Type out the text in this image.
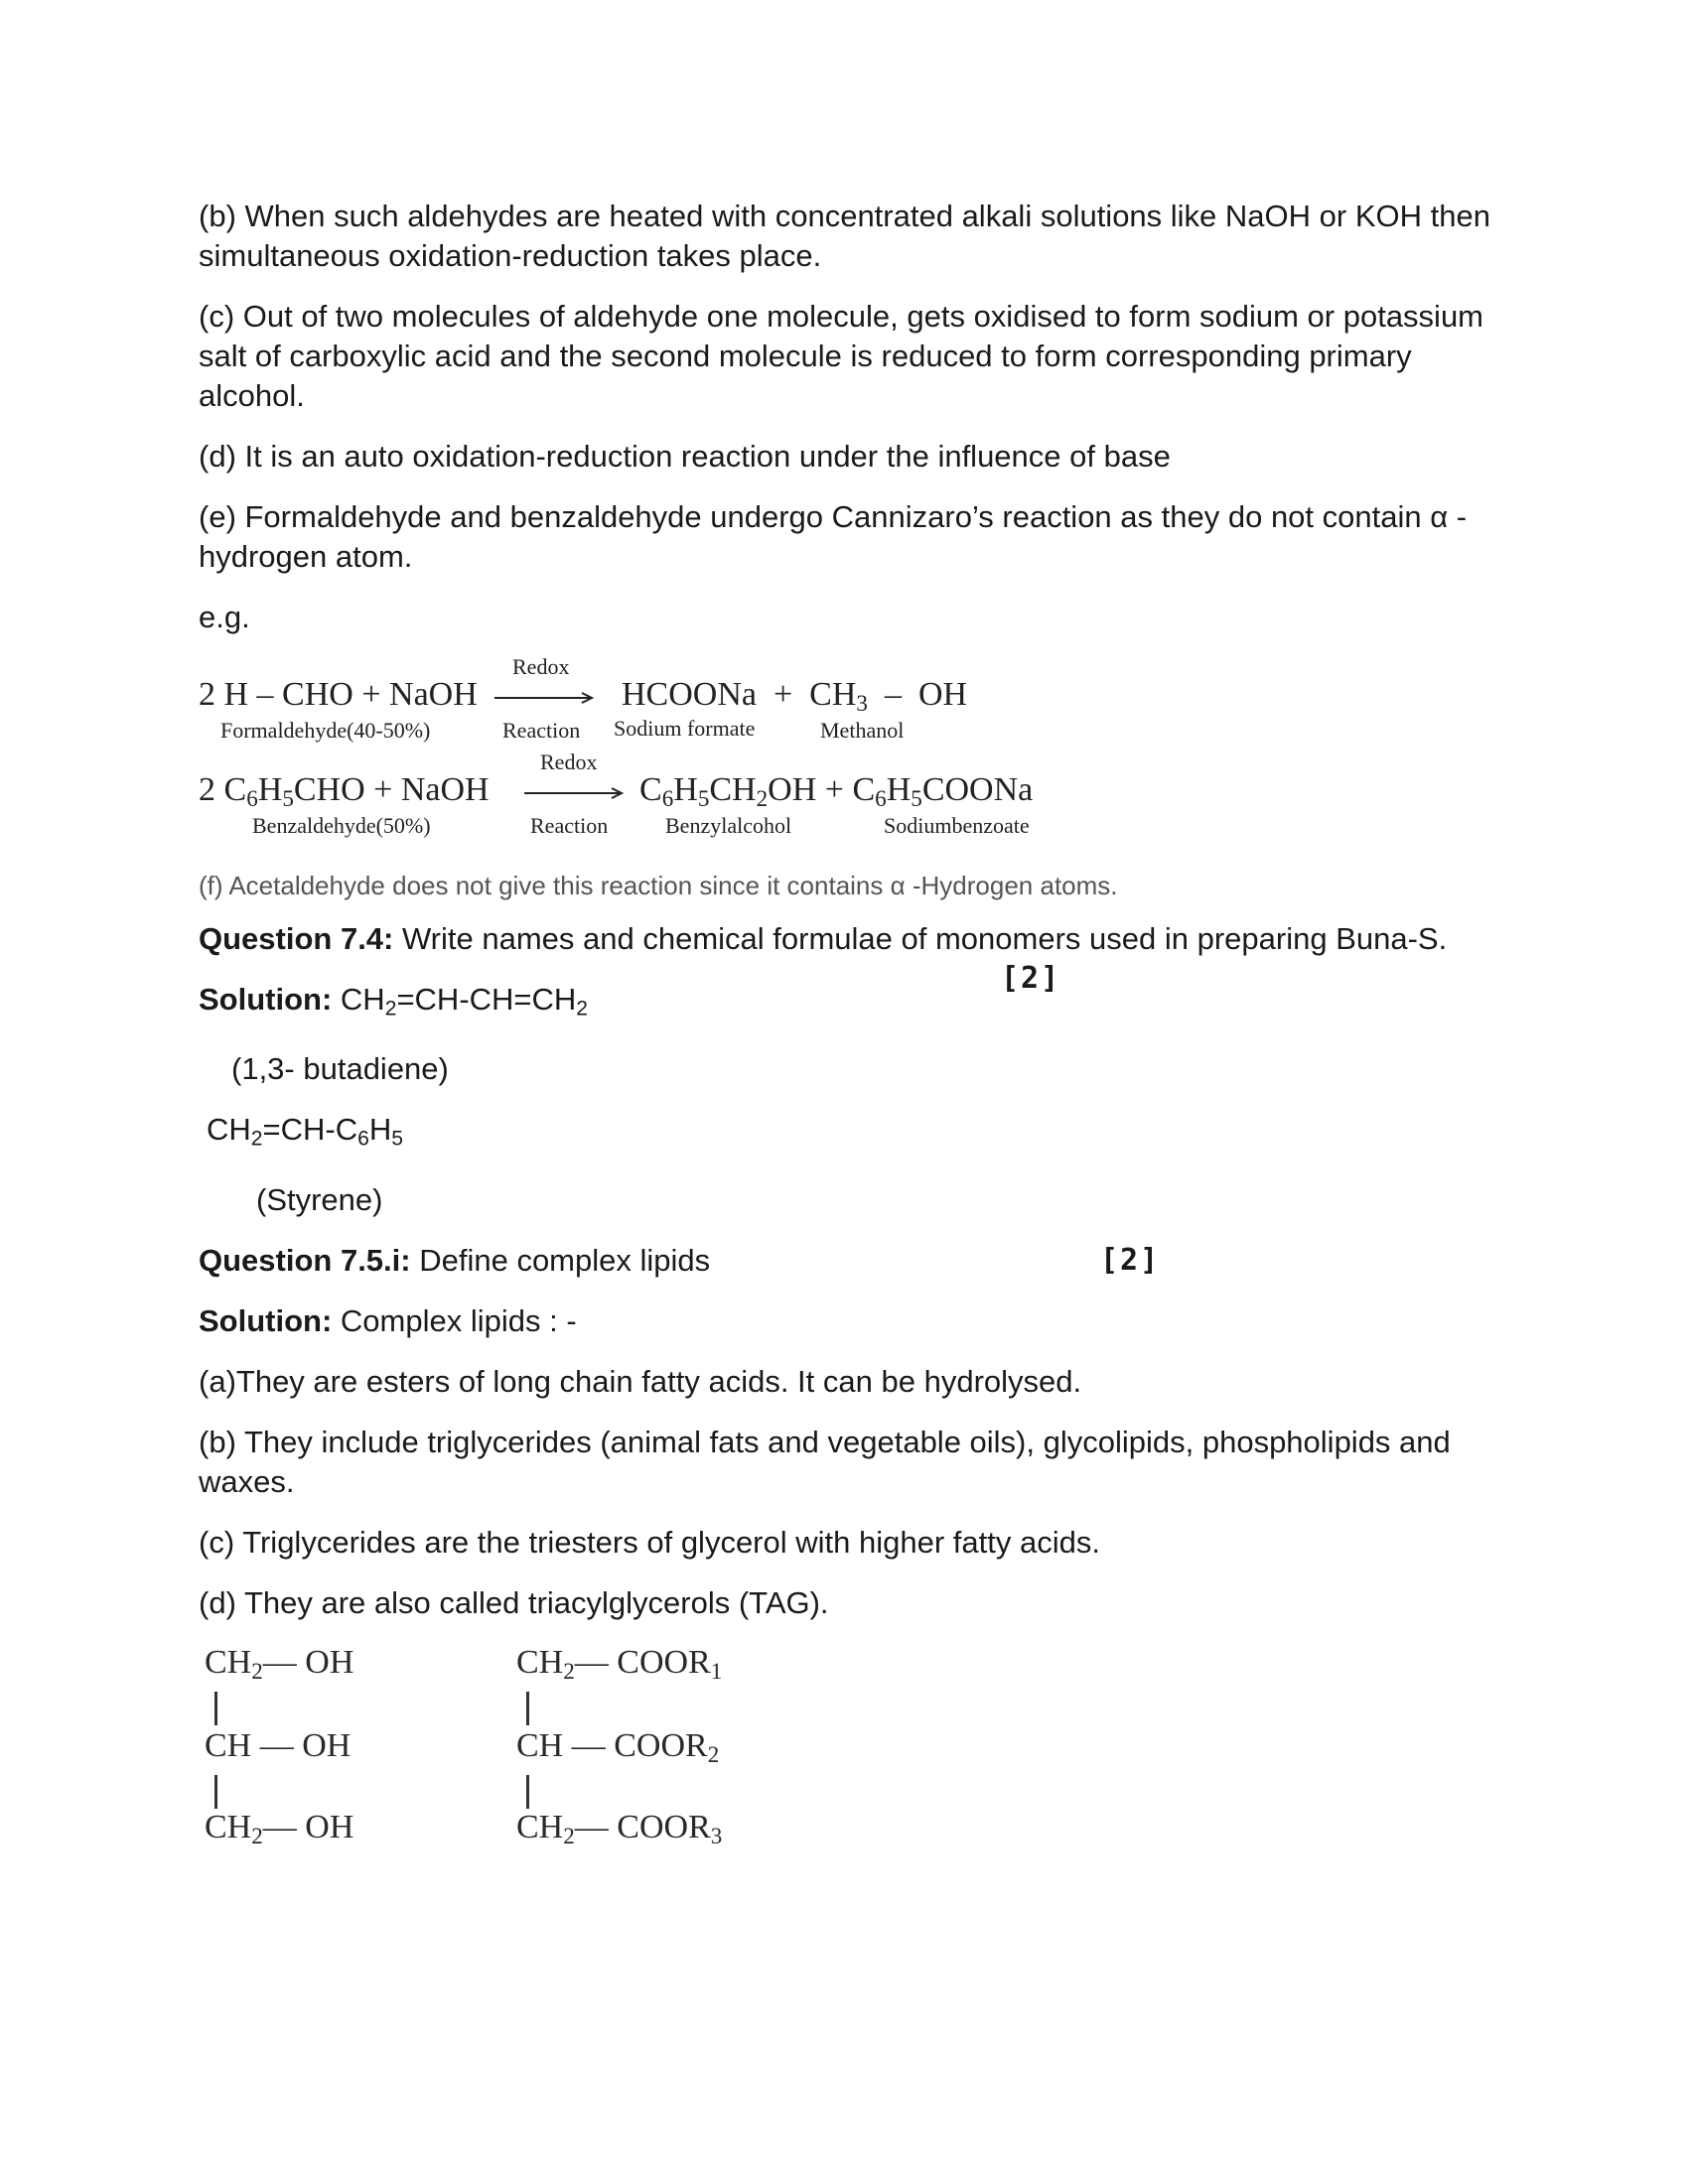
(b) When such aldehydes are heated with concentrated alkali solutions like NaOH or KOH then simultaneous oxidation-reduction takes place.

(c) Out of two molecules of aldehyde one molecule, gets oxidised to form sodium or potassium salt of carboxylic acid and the second molecule is reduced to form corresponding primary alcohol.

(d) It is an auto oxidation-reduction reaction under the influence of base

(e) Formaldehyde and benzaldehyde undergo Cannizaro’s reaction as they do not contain α -hydrogen atom.

e.g.

2 H – CHO + NaOH
Formaldehyde(40-50%)
Redox
Reaction
HCOONa  +  $CH_3$  –  OH
Sodium formate	Methanol
2 $C_6H_5CHO$ + NaOH
Benzaldehyde(50%)
Redox
Reaction
$C_6H_5CH_2OH$ + $C_6H_5COONa$
Benzylalcohol	Sodiumbenzoate

(f) Acetaldehyde does not give this reaction since it contains α -Hydrogen atoms.

Question 7.4: Write names and chemical formulae of monomers used in preparing Buna-S.
[2]

Solution: $CH_2=CH-CH=CH_2$

(1,3- butadiene)

$CH_2=CH-C_6H_5$

(Styrene)

Question 7.5.i: Define complex lipids	[2]

Solution: Complex lipids : -

(a)They are esters of long chain fatty acids. It can be hydrolysed.

(b) They include triglycerides (animal fats and vegetable oils), glycolipids, phospholipids and waxes.

(c) Triglycerides are the triesters of glycerol with higher fatty acids.

(d) They are also called triacylglycerols (TAG).

$CH_2—$ OH
CH — OH
$CH_2—$ OH
$CH_2—$ $COOR_1$
CH — $COOR_2$
$CH_2—$ $COOR_3$
